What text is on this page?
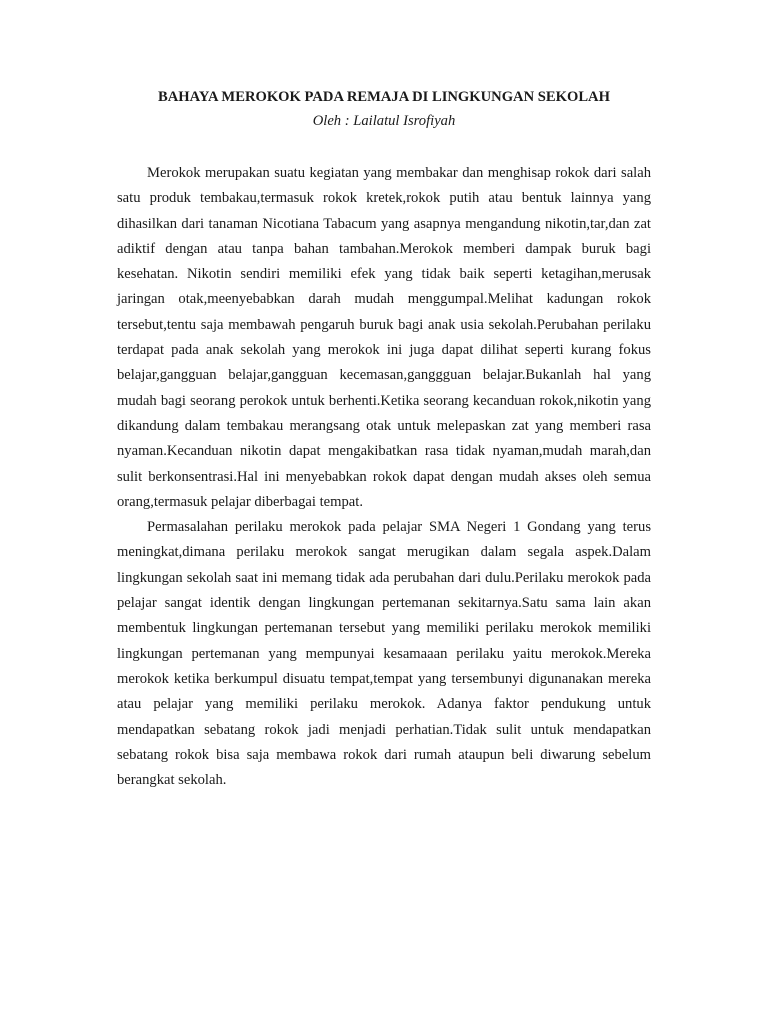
BAHAYA MEROKOK PADA REMAJA DI LINGKUNGAN SEKOLAH
Oleh : Lailatul Isrofiyah

Merokok merupakan suatu kegiatan yang membakar dan menghisap rokok dari salah satu produk tembakau,termasuk rokok kretek,rokok putih atau bentuk lainnya yang dihasilkan dari tanaman Nicotiana Tabacum yang asapnya mengandung nikotin,tar,dan zat adiktif dengan atau tanpa bahan tambahan.Merokok memberi dampak buruk bagi kesehatan. Nikotin sendiri memiliki efek yang tidak baik seperti ketagihan,merusak jaringan otak,meenyebabkan darah mudah menggumpal.Melihat kadungan rokok tersebut,tentu saja membawah pengaruh buruk bagi anak usia sekolah.Perubahan perilaku terdapat pada anak sekolah yang merokok ini juga dapat dilihat seperti kurang fokus belajar,gangguan belajar,gangguan kecemasan,ganggguan belajar.Bukanlah hal yang mudah bagi seorang perokok untuk berhenti.Ketika seorang kecanduan rokok,nikotin yang dikandung dalam tembakau merangsang otak untuk melepaskan zat yang memberi rasa nyaman.Kecanduan nikotin dapat mengakibatkan rasa tidak nyaman,mudah marah,dan sulit berkonsentrasi.Hal ini menyebabkan rokok dapat dengan mudah akses oleh semua orang,termasuk pelajar diberbagai tempat.

Permasalahan perilaku merokok pada pelajar SMA Negeri 1 Gondang yang terus meningkat,dimana perilaku merokok sangat merugikan dalam segala aspek.Dalam lingkungan sekolah saat ini memang tidak ada perubahan dari dulu.Perilaku merokok pada pelajar sangat identik dengan lingkungan pertemanan sekitarnya.Satu sama lain akan membentuk lingkungan pertemanan tersebut yang memiliki perilaku merokok memiliki lingkungan pertemanan yang mempunyai kesamaaan perilaku yaitu merokok.Mereka merokok ketika berkumpul disuatu tempat,tempat yang tersembunyi digunanakan mereka atau pelajar yang memiliki perilaku merokok. Adanya faktor pendukung untuk mendapatkan sebatang rokok jadi menjadi perhatian.Tidak sulit untuk mendapatkan sebatang rokok bisa saja membawa rokok dari rumah ataupun beli diwarung sebelum berangkat sekolah.
